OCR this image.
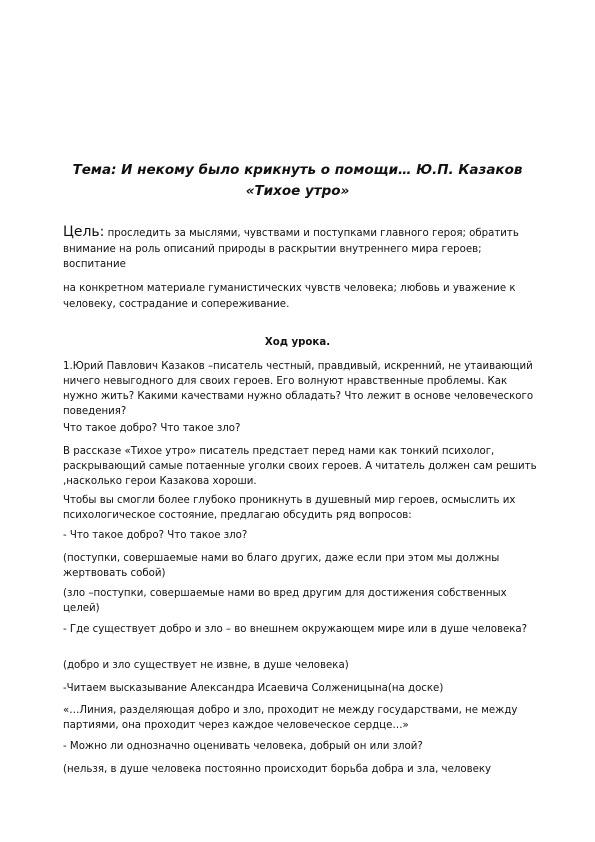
Тема: И некому было крикнуть о помощи… Ю.П. Казаков
«Тихое утро»
Цель: проследить за мыслями, чувствами и поступками главного героя; обратить внимание на роль описаний природы в раскрытии внутреннего мира героев; воспитание
на конкретном материале гуманистических чувств человека; любовь и уважение к человеку, сострадание и сопереживание.
Ход урока.

1.Юрий Павлович Казаков –писатель честный, правдивый, искренний, не утаивающий ничего невыгодного для своих героев. Его волнуют нравственные проблемы. Как нужно жить? Какими качествами нужно обладать? Что лежит в основе человеческого поведения?

Что такое добро? Что такое зло?

В рассказе «Тихое утро» писатель предстает перед нами как тонкий психолог, раскрывающий самые потаенные уголки своих героев. А читатель должен сам решить ,насколько герои Казакова хороши.

Чтобы вы смогли более глубоко проникнуть в душевный мир героев, осмыслить их психологическое состояние, предлагаю обсудить ряд вопросов:

- Что такое добро? Что такое зло?

(поступки, совершаемые нами во благо других, даже если при этом мы должны жертвовать собой)

(зло –поступки, совершаемые нами во вред другим для достижения собственных целей)

- Где существует добро и зло – во внешнем окружающем мире или в душе человека?

(добро и зло существует не извне, в душе человека)

-Читаем высказывание Александра Исаевича Солженицына(на доске)

«…Линия, разделяющая добро и зло, проходит не между государствами, не между партиями, она проходит через каждое человеческое сердце…»

- Можно ли однозначно оценивать человека, добрый он или злой?

(нельзя, в душе человека постоянно происходит борьба добра и зла, человеку
